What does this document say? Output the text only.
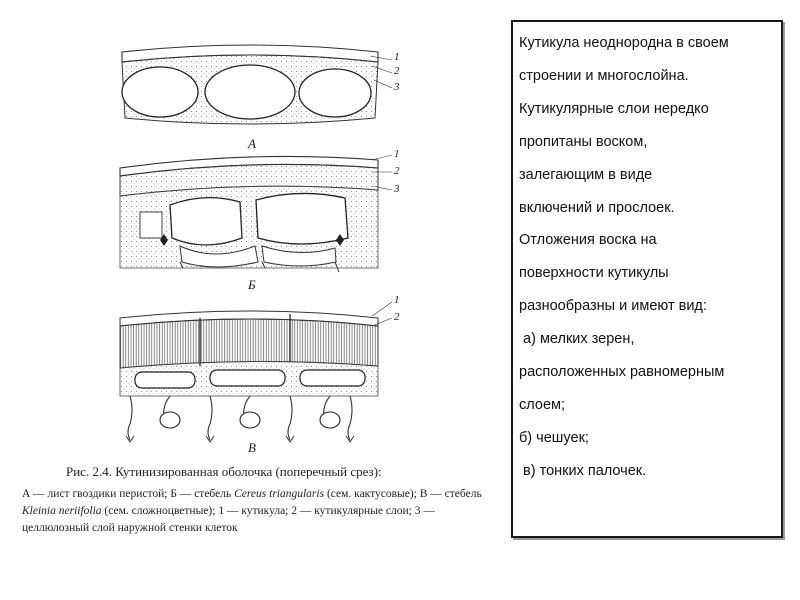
А
Б
В
1
2
3
1
2
3
1
2

Рис. 2.4. Кутинизированная оболочка (поперечный срез):

А — лист гвоздики перистой; Б — стебель Cereus triangularis (сем. кактусовые); В — стебель Kleinia neriifolia (сем. сложноцветные); 1 — кутикула; 2 — кутикулярные слои; 3 — целлюлозный слой наружной стенки клеток

Кутикула неоднородна в своем
строении и многослойна.
Кутикулярные слои нередко
пропитаны воском,
залегающим в виде
включений и прослоек.
Отложения воска на
поверхности кутикулы
разнообразны и имеют вид:
а) мелких зерен,
расположенных равномерным
слоем;
б) чешуек;
в) тонких палочек.
